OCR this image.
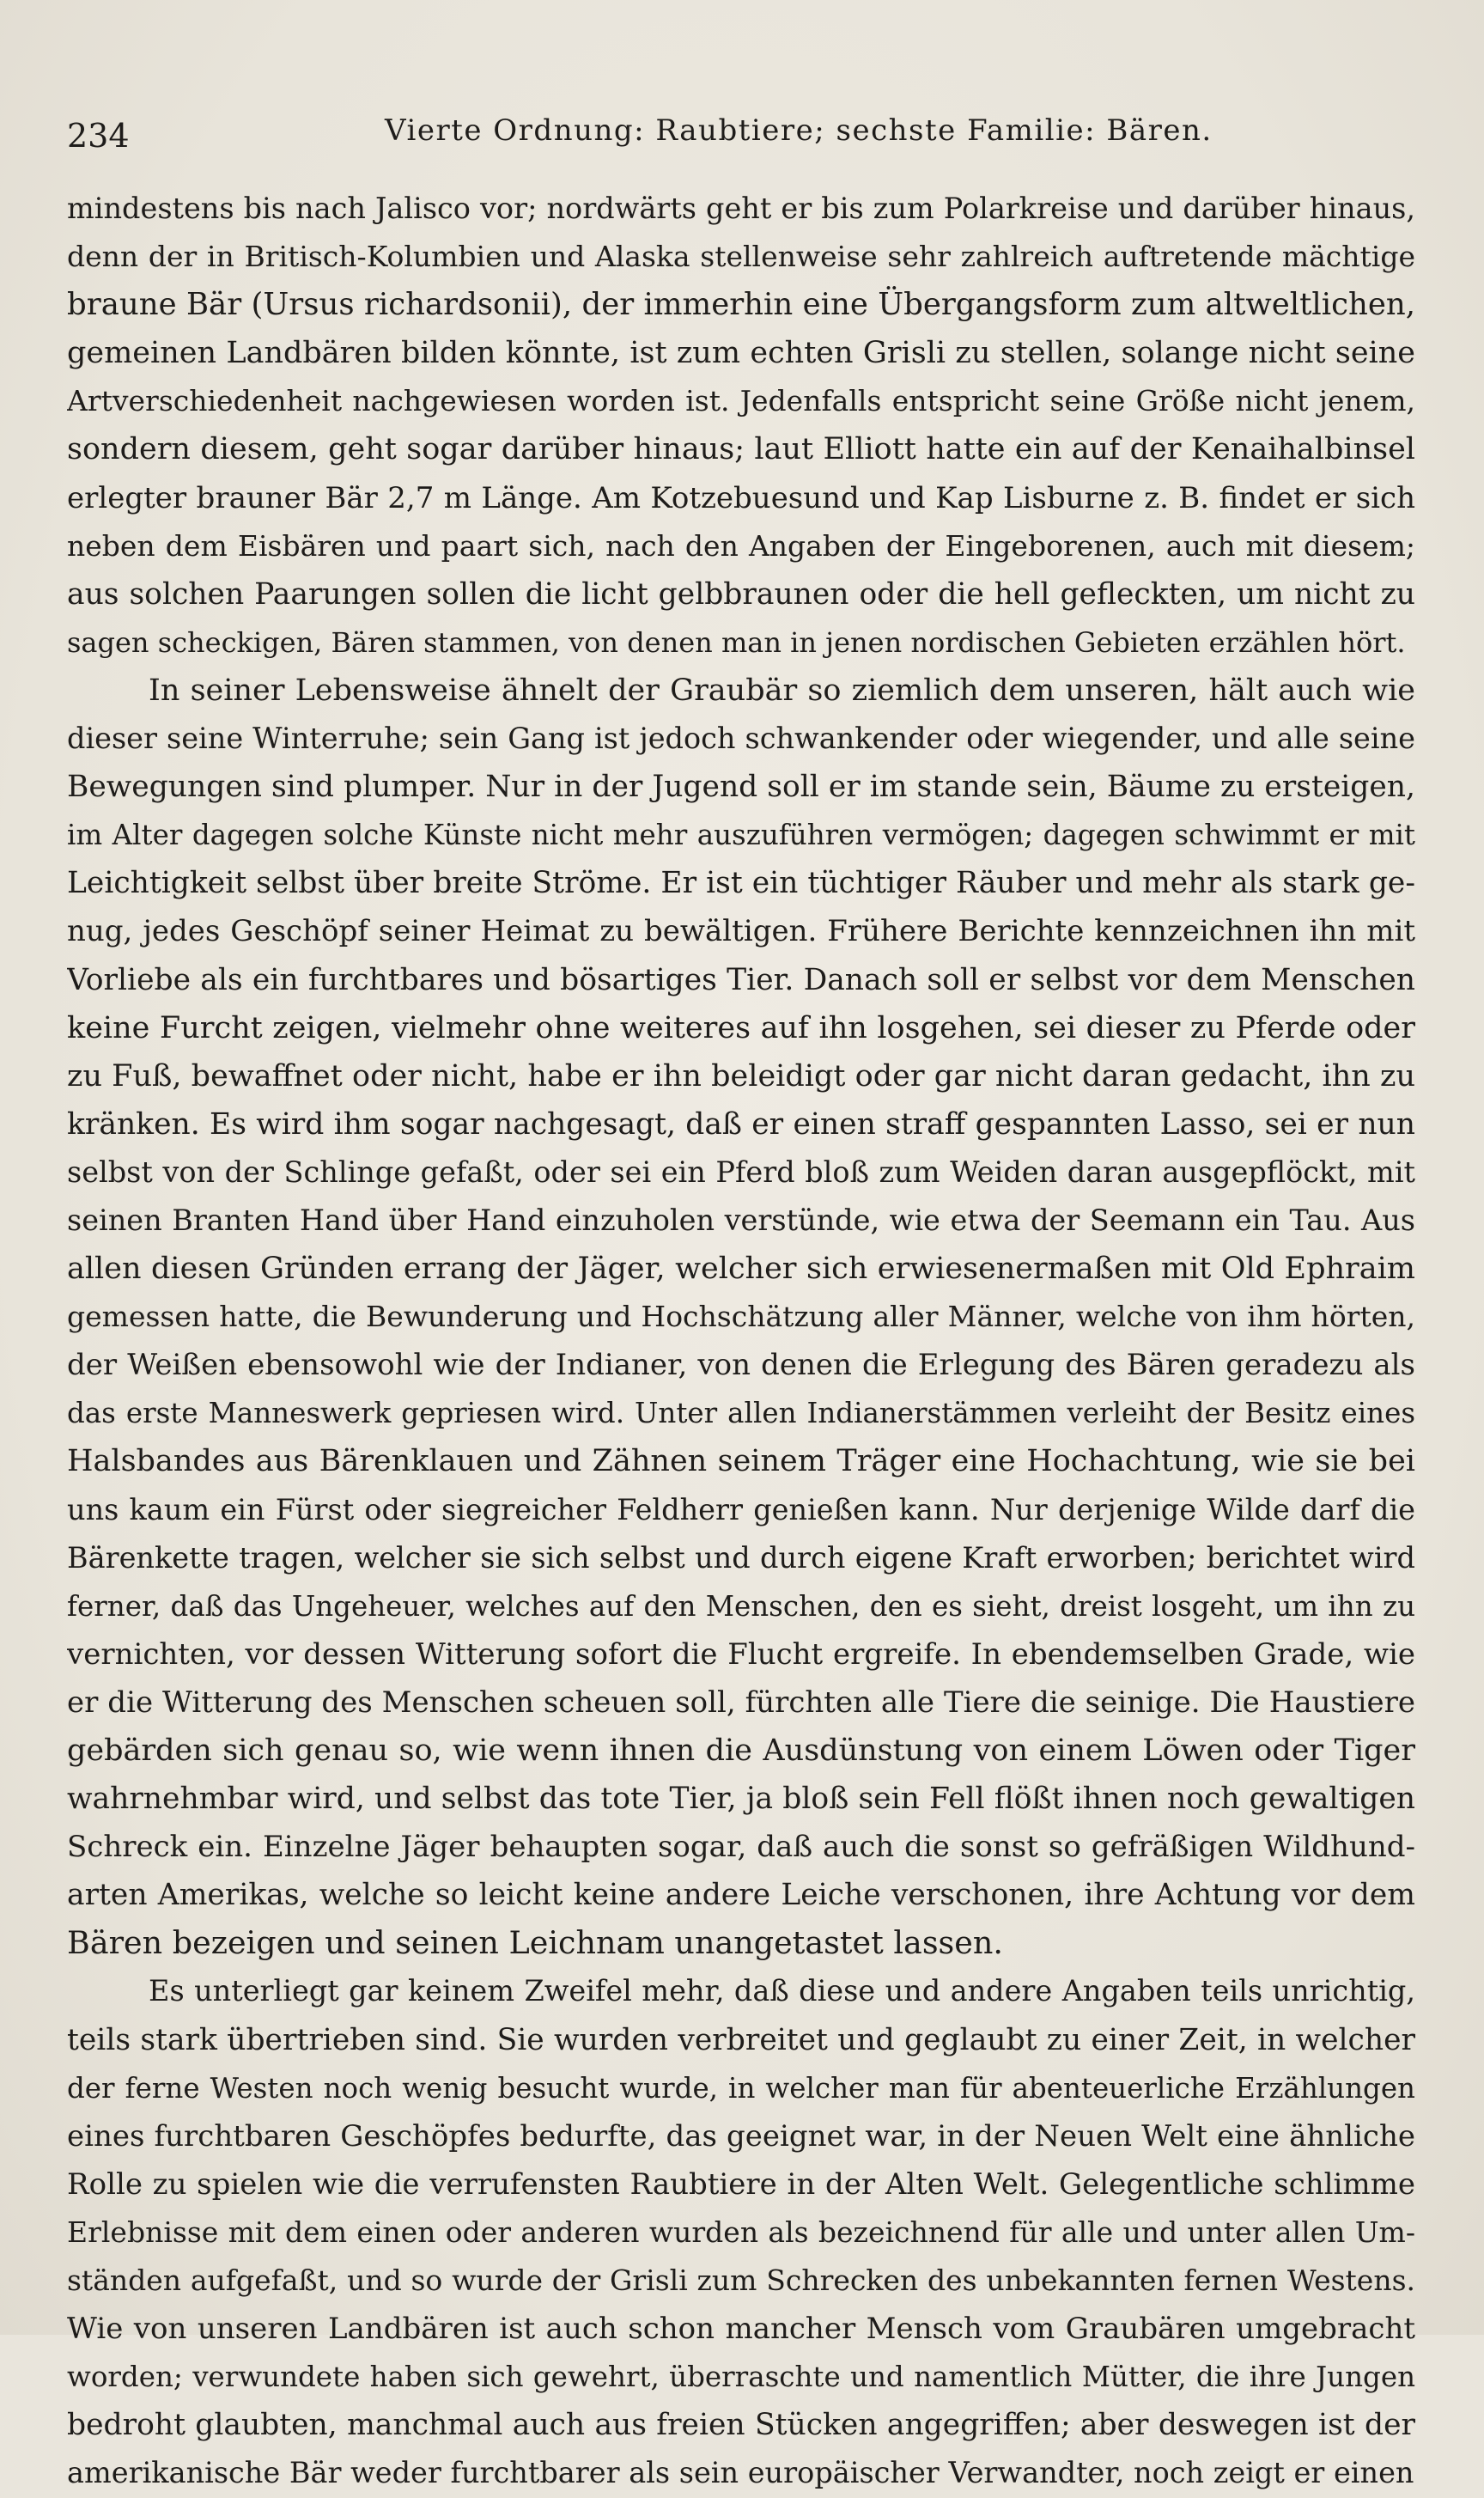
234	Vierte Ordnung: Raubtiere; sechste Familie: Bären.
mindestens bis nach Jalisco vor; nordwärts geht er bis zum Polarkreise und darüber hinaus,
denn der in Britisch-Kolumbien und Alaska stellenweise sehr zahlreich auftretende mächtige
braune Bär (Ursus richardsonii), der immerhin eine Übergangsform zum altweltlichen,
gemeinen Landbären bilden könnte, ist zum echten Grisli zu stellen, solange nicht seine
Artverschiedenheit nachgewiesen worden ist. Jedenfalls entspricht seine Größe nicht jenem,
sondern diesem, geht sogar darüber hinaus; laut Elliott hatte ein auf der Kenaihalbinsel
erlegter brauner Bär 2,7 m Länge. Am Kotzebuesund und Kap Lisburne z. B. findet er sich
neben dem Eisbären und paart sich, nach den Angaben der Eingeborenen, auch mit diesem;
aus solchen Paarungen sollen die licht gelbbraunen oder die hell gefleckten, um nicht zu
sagen scheckigen, Bären stammen, von denen man in jenen nordischen Gebieten erzählen hört.
In seiner Lebensweise ähnelt der Graubär so ziemlich dem unseren, hält auch wie
dieser seine Winterruhe; sein Gang ist jedoch schwankender oder wiegender, und alle seine
Bewegungen sind plumper. Nur in der Jugend soll er im stande sein, Bäume zu ersteigen,
im Alter dagegen solche Künste nicht mehr auszuführen vermögen; dagegen schwimmt er mit
Leichtigkeit selbst über breite Ströme. Er ist ein tüchtiger Räuber und mehr als stark ge-
nug, jedes Geschöpf seiner Heimat zu bewältigen. Frühere Berichte kennzeichnen ihn mit
Vorliebe als ein furchtbares und bösartiges Tier. Danach soll er selbst vor dem Menschen
keine Furcht zeigen, vielmehr ohne weiteres auf ihn losgehen, sei dieser zu Pferde oder
zu Fuß, bewaffnet oder nicht, habe er ihn beleidigt oder gar nicht daran gedacht, ihn zu
kränken. Es wird ihm sogar nachgesagt, daß er einen straff gespannten Lasso, sei er nun
selbst von der Schlinge gefaßt, oder sei ein Pferd bloß zum Weiden daran ausgepflöckt, mit
seinen Branten Hand über Hand einzuholen verstünde, wie etwa der Seemann ein Tau. Aus
allen diesen Gründen errang der Jäger, welcher sich erwiesenermaßen mit Old Ephraim
gemessen hatte, die Bewunderung und Hochschätzung aller Männer, welche von ihm hörten,
der Weißen ebensowohl wie der Indianer, von denen die Erlegung des Bären geradezu als
das erste Manneswerk gepriesen wird. Unter allen Indianerstämmen verleiht der Besitz eines
Halsbandes aus Bärenklauen und Zähnen seinem Träger eine Hochachtung, wie sie bei
uns kaum ein Fürst oder siegreicher Feldherr genießen kann. Nur derjenige Wilde darf die
Bärenkette tragen, welcher sie sich selbst und durch eigene Kraft erworben; berichtet wird
ferner, daß das Ungeheuer, welches auf den Menschen, den es sieht, dreist losgeht, um ihn zu
vernichten, vor dessen Witterung sofort die Flucht ergreife. In ebendemselben Grade, wie
er die Witterung des Menschen scheuen soll, fürchten alle Tiere die seinige. Die Haustiere
gebärden sich genau so, wie wenn ihnen die Ausdünstung von einem Löwen oder Tiger
wahrnehmbar wird, und selbst das tote Tier, ja bloß sein Fell flößt ihnen noch gewaltigen
Schreck ein. Einzelne Jäger behaupten sogar, daß auch die sonst so gefräßigen Wildhund-
arten Amerikas, welche so leicht keine andere Leiche verschonen, ihre Achtung vor dem
Bären bezeigen und seinen Leichnam unangetastet lassen.
Es unterliegt gar keinem Zweifel mehr, daß diese und andere Angaben teils unrichtig,
teils stark übertrieben sind. Sie wurden verbreitet und geglaubt zu einer Zeit, in welcher
der ferne Westen noch wenig besucht wurde, in welcher man für abenteuerliche Erzählungen
eines furchtbaren Geschöpfes bedurfte, das geeignet war, in der Neuen Welt eine ähnliche
Rolle zu spielen wie die verrufensten Raubtiere in der Alten Welt. Gelegentliche schlimme
Erlebnisse mit dem einen oder anderen wurden als bezeichnend für alle und unter allen Um-
ständen aufgefaßt, und so wurde der Grisli zum Schrecken des unbekannten fernen Westens.
Wie von unseren Landbären ist auch schon mancher Mensch vom Graubären umgebracht
worden; verwundete haben sich gewehrt, überraschte und namentlich Mütter, die ihre Jungen
bedroht glaubten, manchmal auch aus freien Stücken angegriffen; aber deswegen ist der
amerikanische Bär weder furchtbarer als sein europäischer Verwandter, noch zeigt er einen
